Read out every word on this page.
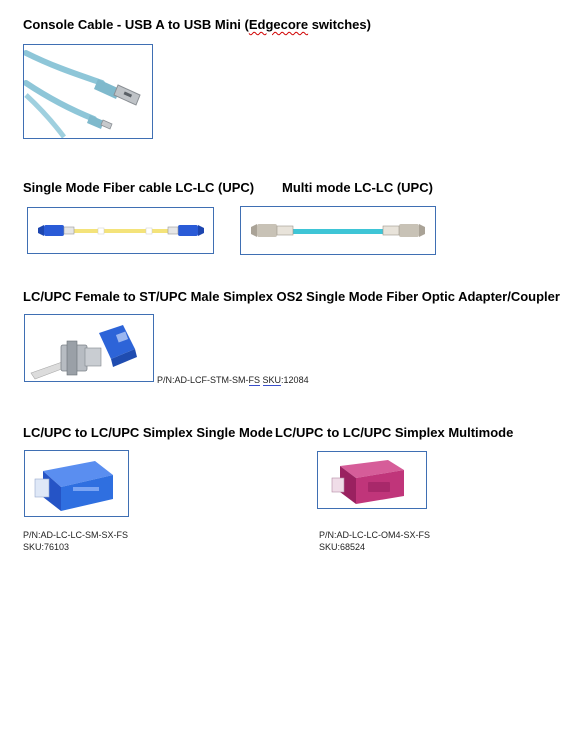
Console Cable - USB A to USB Mini (Edgecore switches)
Single Mode Fiber cable LC-LC (UPC) Multi mode LC-LC (UPC)
LC/UPC Female to ST/UPC Male Simplex OS2 Single Mode Fiber Optic Adapter/Coupler
P/N:AD-LCF-STM-SM-FS SKU:12084
LC/UPC to LC/UPC Simplex Single Mode LC/UPC to LC/UPC Simplex Multimode
P/N:AD-LC-LC-SM-SX-FS
SKU:76103
P/N:AD-LC-LC-OM4-SX-FS
SKU:68524
